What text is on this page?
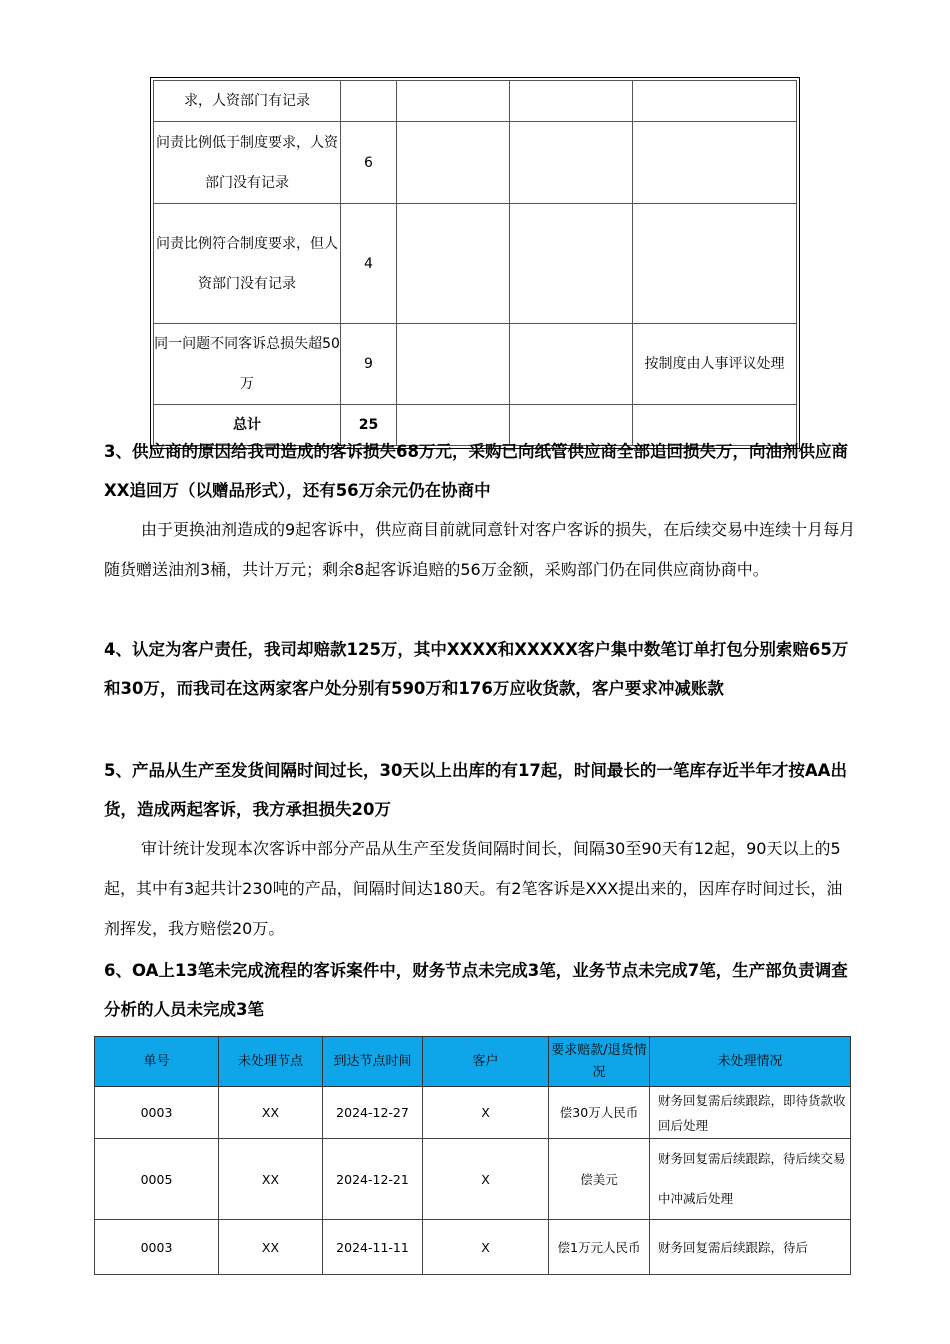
求，人资部门有记录				
问责比例低于制度要求，人资部门没有记录	6			
问责比例符合制度要求，但人资部门没有记录	4			
同一问题不同客诉总损失超50万	9			按制度由人事评议处理
总计	25			
3、供应商的原因给我司造成的客诉损失68万元，采购已向纸管供应商全部追回损失万，向油剂供应商XX追回万（以赠品形式），还有56万余元仍在协商中
由于更换油剂造成的9起客诉中，供应商目前就同意针对客户客诉的损失，在后续交易中连续十月每月随货赠送油剂3桶，共计万元；剩余8起客诉追赔的56万金额，采购部门仍在同供应商协商中。
4、认定为客户责任，我司却赔款125万，其中XXXX和XXXXX客户集中数笔订单打包分别索赔65万和30万，而我司在这两家客户处分别有590万和176万应收货款，客户要求冲减账款
5、产品从生产至发货间隔时间过长，30天以上出库的有17起，时间最长的一笔库存近半年才按AA出货，造成两起客诉，我方承担损失20万
审计统计发现本次客诉中部分产品从生产至发货间隔时间长，间隔30至90天有12起，90天以上的5起，其中有3起共计230吨的产品，间隔时间达180天。有2笔客诉是XXX提出来的，因库存时间过长，油剂挥发，我方赔偿20万。
6、OA上13笔未完成流程的客诉案件中，财务节点未完成3笔，业务节点未完成7笔，生产部负责调查分析的人员未完成3笔
单号	未处理节点	到达节点时间	客户	要求赔款/退货情况	未处理情况
0003	XX	2024-12-27	X	偿30万人民币	财务回复需后续跟踪，即待货款收回后处理
0005	XX	2024-12-21	X	偿美元	财务回复需后续跟踪，待后续交易中冲减后处理
0003	XX	2024-11-11	X	偿1万元人民币	财务回复需后续跟踪，待后
